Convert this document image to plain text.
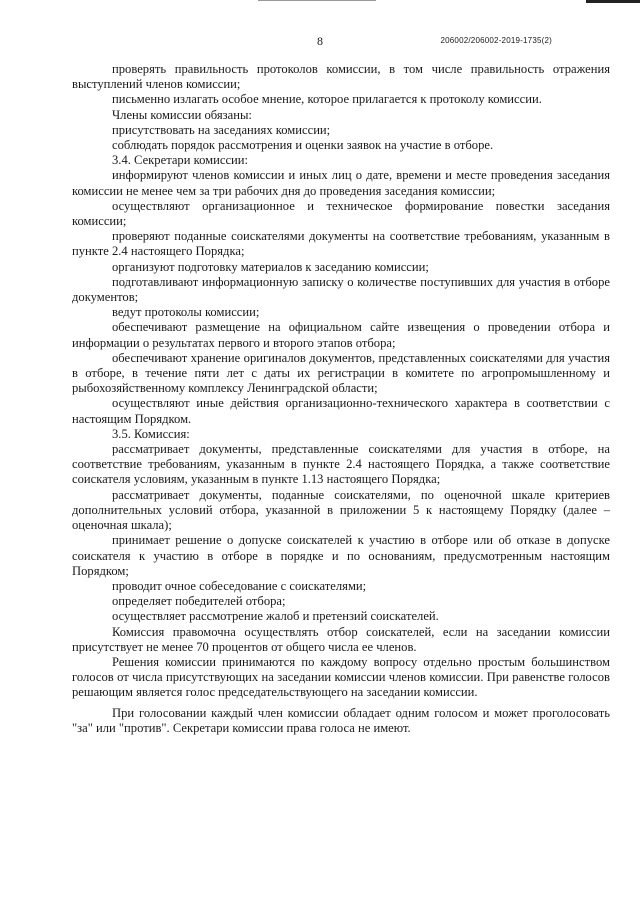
8	206002/206002-2019-1735(2)

проверять правильность протоколов комиссии, в том числе правильность отражения выступлений членов комиссии;

письменно излагать особое мнение, которое прилагается к протоколу комиссии.

Члены комиссии обязаны:

присутствовать на заседаниях комиссии;

соблюдать порядок рассмотрения и оценки заявок на участие в отборе.

3.4. Секретари комиссии:

информируют членов комиссии и иных лиц о дате, времени и месте проведения заседания комиссии не менее чем за три рабочих дня до проведения заседания комиссии;

осуществляют организационное и техническое формирование повестки заседания комиссии;

проверяют поданные соискателями документы на соответствие требованиям, указанным в пункте 2.4 настоящего Порядка;

организуют подготовку материалов к заседанию комиссии;

подготавливают информационную записку о количестве поступивших для участия в отборе документов;

ведут протоколы комиссии;

обеспечивают размещение на официальном сайте извещения о проведении отбора и информации о результатах первого и второго этапов отбора;

обеспечивают хранение оригиналов документов, представленных соискателями для участия в отборе, в течение пяти лет с даты их регистрации в комитете по агропромышленному и рыбохозяйственному комплексу Ленинградской области;

осуществляют иные действия организационно-технического характера в соответствии с настоящим Порядком.

3.5. Комиссия:

рассматривает документы, представленные соискателями для участия в отборе, на соответствие требованиям, указанным в пункте 2.4 настоящего Порядка, а также соответствие соискателя условиям, указанным в пункте 1.13 настоящего Порядка;

рассматривает документы, поданные соискателями, по оценочной шкале критериев дополнительных условий отбора, указанной в приложении 5 к настоящему Порядку (далее – оценочная шкала);

принимает решение о допуске соискателей к участию в отборе или об отказе в допуске соискателя к участию в отборе в порядке и по основаниям, предусмотренным настоящим Порядком;

проводит очное собеседование с соискателями;

определяет победителей отбора;

осуществляет рассмотрение жалоб и претензий соискателей.

Комиссия правомочна осуществлять отбор соискателей, если на заседании комиссии присутствует не менее 70 процентов от общего числа ее членов.

Решения комиссии принимаются по каждому вопросу отдельно простым большинством голосов от числа присутствующих на заседании комиссии членов комиссии. При равенстве голосов решающим является голос председательствующего на заседании комиссии.

При голосовании каждый член комиссии обладает одним голосом и может проголосовать "за" или "против". Секретари комиссии права голоса не имеют.
